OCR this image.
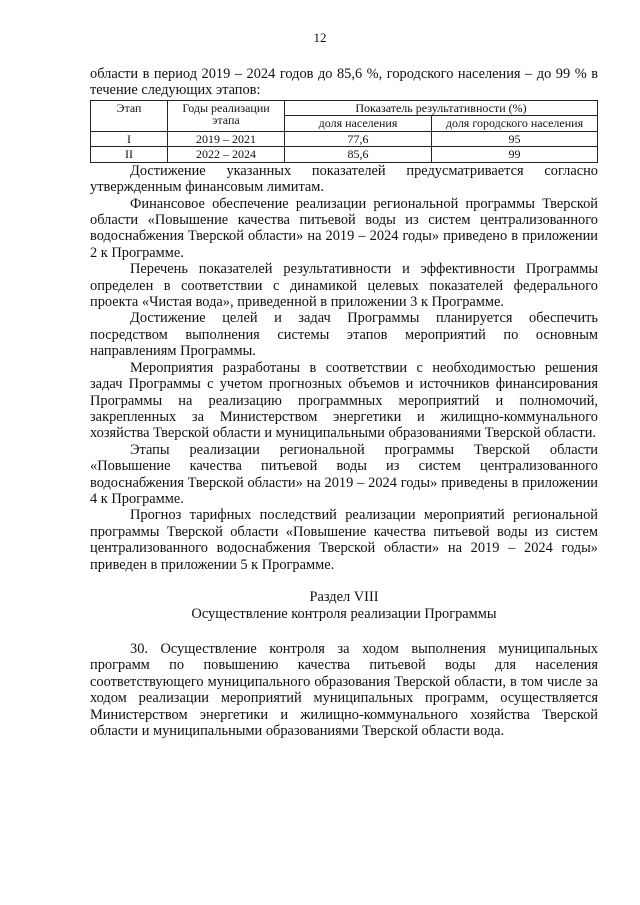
12

области в период 2019 – 2024 годов до 85,6 %, городского населения – до 99 % в течение следующих этапов:

Этап	Годы реализации этапа	Показатель результативности (%)	
		доля населения	доля городского населения
I	2019 – 2021	77,6	95
II	2022 – 2024	85,6	99

Достижение указанных показателей предусматривается согласно утвержденным финансовым лимитам.

Финансовое обеспечение реализации региональной программы Тверской области «Повышение качества питьевой воды из систем централизованного водоснабжения Тверской области» на 2019 – 2024 годы» приведено в приложении 2 к Программе.

Перечень показателей результативности и эффективности Программы определен в соответствии с динамикой целевых показателей федерального проекта «Чистая вода», приведенной в приложении 3 к Программе.

Достижение целей и задач Программы планируется обеспечить посредством выполнения системы этапов мероприятий по основным направлениям Программы.

Мероприятия разработаны в соответствии с необходимостью решения задач Программы с учетом прогнозных объемов и источников финансирования Программы на реализацию программных мероприятий и полномочий, закрепленных за Министерством энергетики и жилищно-коммунального хозяйства Тверской области и муниципальными образованиями Тверской области.

Этапы реализации региональной программы Тверской области «Повышение качества питьевой воды из систем централизованного водоснабжения Тверской области» на 2019 – 2024 годы» приведены в приложении 4 к Программе.

Прогноз тарифных последствий реализации мероприятий региональной программы Тверской области «Повышение качества питьевой воды из систем централизованного водоснабжения Тверской области» на 2019 – 2024 годы» приведен в приложении 5 к Программе.

Раздел VIII
Осуществление контроля реализации Программы

30. Осуществление контроля за ходом выполнения муниципальных программ по повышению качества питьевой воды для населения соответствующего муниципального образования Тверской области, в том числе за ходом реализации мероприятий муниципальных программ, осуществляется Министерством энергетики и жилищно-коммунального хозяйства Тверской области и муниципальными образованиями Тверской области вода.
